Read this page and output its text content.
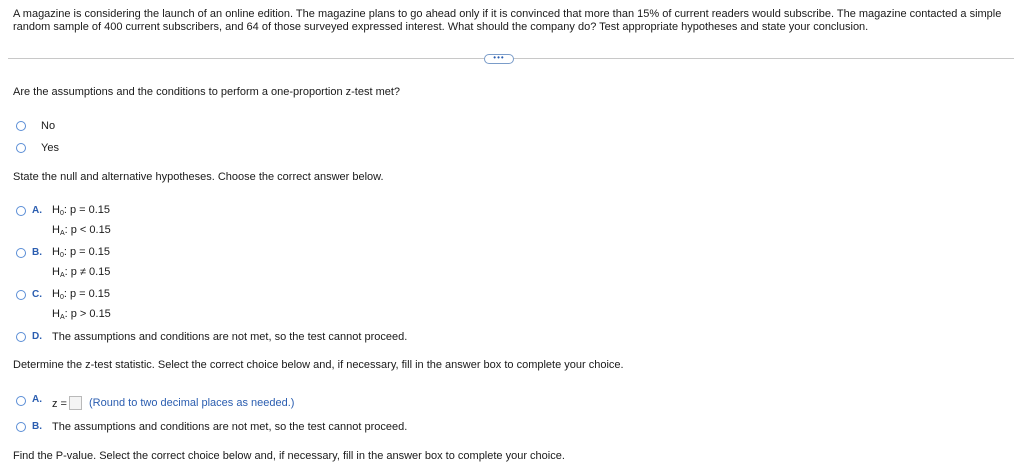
A magazine is considering the launch of an online edition. The magazine plans to go ahead only if it is convinced that more than 15% of current readers would subscribe. The magazine contacted a simple random sample of 400 current subscribers, and 64 of those surveyed expressed interest. What should the company do? Test appropriate hypotheses and state your conclusion.
•••
Are the assumptions and the conditions to perform a one-proportion z-test met?
No
Yes
State the null and alternative hypotheses. Choose the correct answer below.
A. $H_0$: p = 0.15
$H_A$: p < 0.15
B. $H_0$: p = 0.15
$H_A$: p ≠ 0.15
C. $H_0$: p = 0.15
$H_A$: p > 0.15
D. The assumptions and conditions are not met, so the test cannot proceed.
Determine the z-test statistic. Select the correct choice below and, if necessary, fill in the answer box to complete your choice.
A. z = (Round to two decimal places as needed.)
B. The assumptions and conditions are not met, so the test cannot proceed.
Find the P-value. Select the correct choice below and, if necessary, fill in the answer box to complete your choice.
